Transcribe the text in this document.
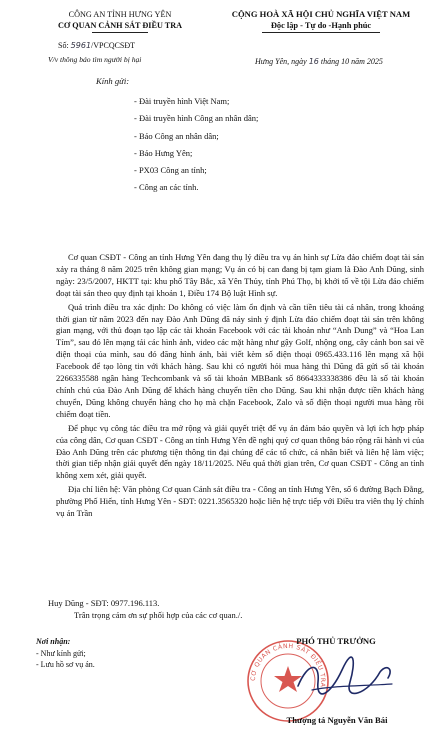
CÔNG AN TỈNH HƯNG YÊN
CƠ QUAN CẢNH SÁT ĐIỀU TRA
CỘNG HOÀ XÃ HỘI CHỦ NGHĨA VIỆT NAM
Độc lập - Tự do -Hạnh phúc
Số: 5961/VPCQCSĐT
V/v thông báo tìm người bị hại	Hưng Yên, ngày 16 tháng 10 năm 2025
Kính gửi:
- Đài truyền hình Việt Nam;
- Đài truyền hình Công an nhân dân;
- Báo Công an nhân dân;
- Báo Hưng Yên;
- PX03 Công an tỉnh;
- Công an các tỉnh.

Cơ quan CSĐT - Công an tỉnh Hưng Yên đang thụ lý điều tra vụ án hình sự Lừa đảo chiếm đoạt tài sản xảy ra tháng 8 năm 2025 trên không gian mạng; Vụ án có bị can đang bị tạm giam là Đào Anh Dũng, sinh ngày: 23/5/2007, HKTT tại: khu phố Tây Bắc, xã Yên Thủy, tỉnh Phú Thọ, bị khởi tố về tội Lừa đảo chiếm đoạt tài sản theo quy định tại khoản 1, Điều 174 Bộ luật Hình sự.

Quá trình điều tra xác định: Do không có việc làm ổn định và cần tiền tiêu tài cá nhân, trong khoảng thời gian từ năm 2023 đến nay Đào Anh Dũng đã nảy sinh ý định Lừa đảo chiếm đoạt tài sản trên không gian mạng, với thủ đoạn tạo lập các tài khoản Facebook với các tài khoản như “Anh Dung” và “Hoa Lan Tím”, sau đó lên mạng tải các hình ảnh, video các mặt hàng như gậy Golf, nhộng ong, cây cảnh bon sai về điện thoại của mình, sau đó đăng hình ảnh, bài viết kèm số điện thoại 0965.433.116 lên mạng xã hội Facebook để tạo lòng tin với khách hàng. Sau khi có người hỏi mua hàng thì Dũng đã gửi số tài khoản 2266335588 ngân hàng Techcombank và số tài khoản MBBank số 8664333338386 đều là số tài khoản chính chủ của Đào Anh Dũng để khách hàng chuyển tiền cho Dũng. Sau khi nhận được tiền khách hàng chuyển, Dũng không chuyển hàng cho họ mà chặn Facebook, Zalo và số điện thoại người mua hàng rồi chiếm đoạt tiền.

Để phục vụ công tác điều tra mở rộng và giải quyết triệt để vụ án đảm bảo quyền và lợi ích hợp pháp của công dân, Cơ quan CSĐT - Công an tỉnh Hưng Yên đề nghị quý cơ quan thông báo rộng rãi hành vi của Đào Anh Dũng trên các phương tiện thông tin đại chúng để các tổ chức, cá nhân biết và liên hệ làm việc; thời gian tiếp nhận giải quyết đến ngày 18/11/2025. Nếu quá thời gian trên, Cơ quan CSĐT - Công an tỉnh không xem xét, giải quyết.

Địa chỉ liên hệ: Văn phòng Cơ quan Cảnh sát điều tra - Công an tỉnh Hưng Yên, số 6 đường Bạch Đằng, phường Phố Hiến, tỉnh Hưng Yên - SĐT: 0221.3565320 hoặc liên hệ trực tiếp với Điều tra viên thụ lý chính vụ án Trần

Huy Dũng - SĐT: 0977.196.113.
Trân trọng cảm ơn sự phối hợp của các cơ quan./.
Nơi nhận:
- Như kính gửi;
- Lưu hồ sơ vụ án.
CƠ QUAN CẢNH SÁT ĐIỀU TRA
PHÓ THỦ TRƯỞNG
Thượng tá Nguyễn Văn Bái
